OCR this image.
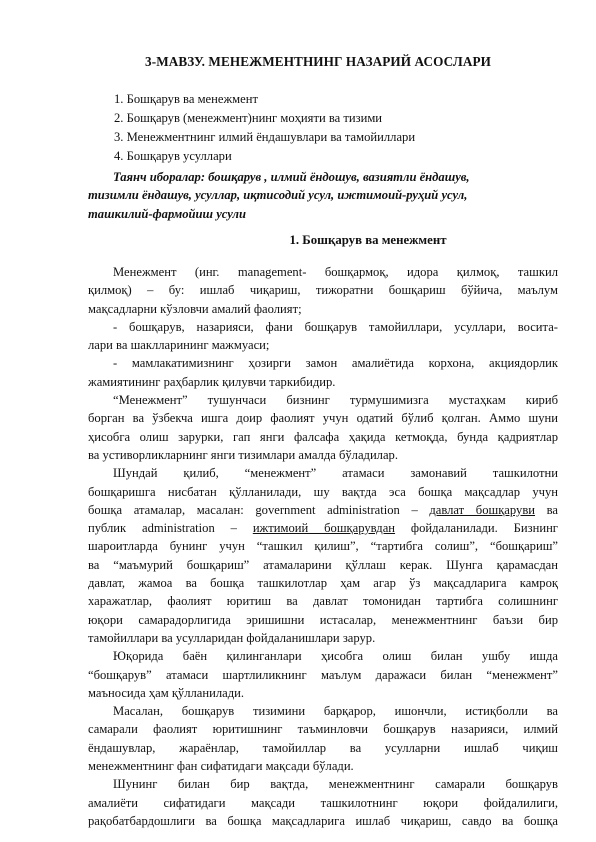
3-МАВЗУ. МЕНЕЖМЕНТНИНГ НАЗАРИЙ АСОСЛАРИ
1. Бошқарув ва менежмент
2. Бошқарув (менежмент)нинг моҳияти ва тизими
3. Менежментнинг илмий ёндашувлари ва тамойиллари
4. Бошқарув усуллари
Таянч иборалар: бошқарув , илмий ёндошув, вазиятли ёндашув,
тизимли ёндашув, усуллар, иқтисодий усул, ижтимоий-руҳий усул,
ташкилий-фармойиш усули
1. Бошқарув ва менежмент
Менежмент (инг. management- бошқармоқ, идора қилмоқ, ташкил
қилмоқ) – бу: ишлаб чиқариш, тижоратни бошқариш бўйича, маълум
мақсадларни кўзловчи амалий фаолият;
- бошқарув, назарияси, фани бошқарув тамойиллари, усуллари, восита-
лари ва шаклларининг мажмуаси;
- мамлакатимизнинг ҳозирги замон амалиётида корхона, акциядорлик
жамиятининг раҳбарлик қилувчи таркибидир.
“Менежмент” тушунчаси бизнинг турмушимизга мустаҳкам кириб
борган ва ўзбекча ишга доир фаолият учун одатий бўлиб қолган. Аммо шуни
ҳисобга олиш зарурки, гап янги фалсафа ҳақида кетмоқда, бунда қадриятлар
ва устиворликларнинг янги тизимлари амалда бўладилар.
Шундай қилиб, “менежмент” атамаси замонавий ташкилотни
бошқаришга нисбатан қўлланилади, шу вақтда эса бошқа мақсадлар учун
бошқа атамалар, масалан: government administration – давлат бошқаруви ва
публик administration – ижтимоий бошқарувдан фойдаланилади. Бизнинг
шароитларда бунинг учун “ташкил қилиш”, “тартибга солиш”, “бошқариш”
ва “маъмурий бошқариш” атамаларини қўллаш керак. Шунга қарамасдан
давлат, жамоа ва бошқа ташкилотлар ҳам агар ўз мақсадларига камроқ
харажатлар, фаолият юритиш ва давлат томонидан тартибга солишнинг
юқори самарадорлигида эришишни истасалар, менежментнинг баъзи бир
тамойиллари ва усулларидан фойдаланишлари зарур.
Юқорида баён қилинганлари ҳисобга олиш билан ушбу ишда
“бошқарув” атамаси шартлиликнинг маълум даражаси билан “менежмент”
маъносида ҳам қўлланилади.
Масалан, бошқарув тизимини барқарор, ишончли, истиқболли ва
самарали фаолият юритишнинг таъминловчи бошқарув назарияси, илмий
ёндашувлар, жараёнлар, тамойиллар ва усулларни ишлаб чиқиш
менежментнинг фан сифатидаги мақсади бўлади.
Шунинг билан бир вақтда, менежментнинг самарали бошқарув
амалиёти сифатидаги мақсади ташкилотнинг юқори фойдалилиги,
рақобатбардошлиги ва бошқа мақсадларига ишлаб чиқариш, савдо ва бошқа
